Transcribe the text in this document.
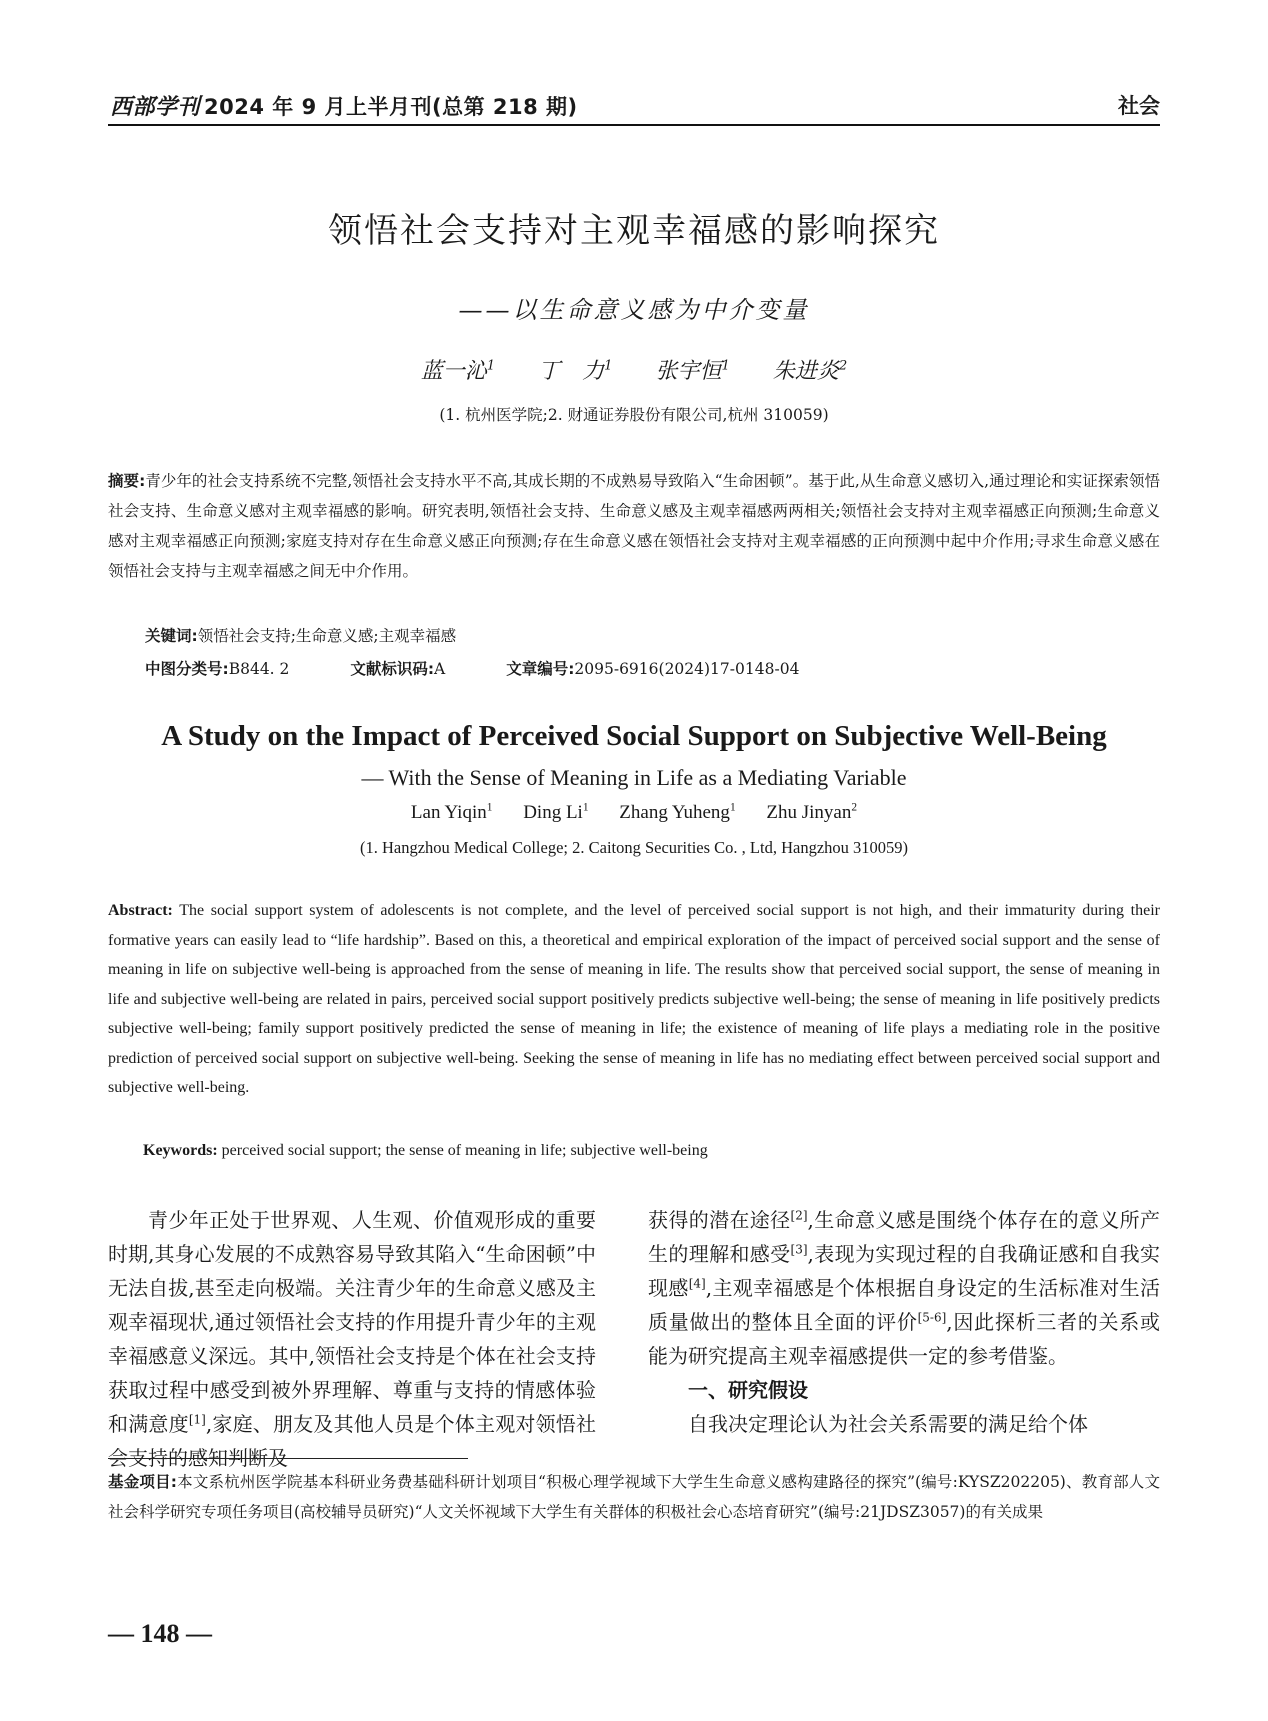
西部学刊 2024 年 9 月上半月刊(总第 218 期)	社会
领悟社会支持对主观幸福感的影响探究
——以生命意义感为中介变量
蓝一沁$^1$ 丁　力$^1$ 张宇恒$^1$ 朱进炎$^2$
(1. 杭州医学院;2. 财通证券股份有限公司,杭州 310059)
摘要:青少年的社会支持系统不完整,领悟社会支持水平不高,其成长期的不成熟易导致陷入“生命困顿”。基于此,从生命意义感切入,通过理论和实证探索领悟社会支持、生命意义感对主观幸福感的影响。研究表明,领悟社会支持、生命意义感及主观幸福感两两相关;领悟社会支持对主观幸福感正向预测;生命意义感对主观幸福感正向预测;家庭支持对存在生命意义感正向预测;存在生命意义感在领悟社会支持对主观幸福感的正向预测中起中介作用;寻求生命意义感在领悟社会支持与主观幸福感之间无中介作用。
关键词:领悟社会支持;生命意义感;主观幸福感
中图分类号:B844. 2	文献标识码:A	文章编号:2095-6916(2024)17-0148-04
A Study on the Impact of Perceived Social Support on Subjective Well-Being
— With the Sense of Meaning in Life as a Mediating Variable
Lan Yiqin$^1$ Ding Li$^1$ Zhang Yuheng$^1$ Zhu Jinyan$^2$
(1. Hangzhou Medical College; 2. Caitong Securities Co. , Ltd, Hangzhou 310059)
Abstract: The social support system of adolescents is not complete, and the level of perceived social support is not high, and their immaturity during their formative years can easily lead to “life hardship”. Based on this, a theoretical and empirical exploration of the impact of perceived social support and the sense of meaning in life on subjective well-being is approached from the sense of meaning in life. The results show that perceived social support, the sense of meaning in life and subjective well-being are related in pairs, perceived social support positively predicts subjective well-being; the sense of meaning in life positively predicts subjective well-being; family support positively predicted the sense of meaning in life; the existence of meaning of life plays a mediating role in the positive prediction of perceived social support on subjective well-being. Seeking the sense of meaning in life has no mediating effect between perceived social support and subjective well-being.
Keywords: perceived social support; the sense of meaning in life; subjective well-being

青少年正处于世界观、人生观、价值观形成的重要时期,其身心发展的不成熟容易导致其陷入“生命困顿”中无法自拔,甚至走向极端。关注青少年的生命意义感及主观幸福现状,通过领悟社会支持的作用提升青少年的主观幸福感意义深远。其中,领悟社会支持是个体在社会支持获取过程中感受到被外界理解、尊重与支持的情感体验和满意度[1],家庭、朋友及其他人员是个体主观对领悟社会支持的感知判断及

获得的潜在途径[2],生命意义感是围绕个体存在的意义所产生的理解和感受[3],表现为实现过程的自我确证感和自我实现感[4],主观幸福感是个体根据自身设定的生活标准对生活质量做出的整体且全面的评价[5-6],因此探析三者的关系或能为研究提高主观幸福感提供一定的参考借鉴。

一、研究假设

自我决定理论认为社会关系需要的满足给个体

基金项目:本文系杭州医学院基本科研业务费基础科研计划项目“积极心理学视域下大学生生命意义感构建路径的探究”(编号:KYSZ202205)、教育部人文社会科学研究专项任务项目(高校辅导员研究)“人文关怀视域下大学生有关群体的积极社会心态培育研究”(编号:21JDSZ3057)的有关成果
— 148 —
